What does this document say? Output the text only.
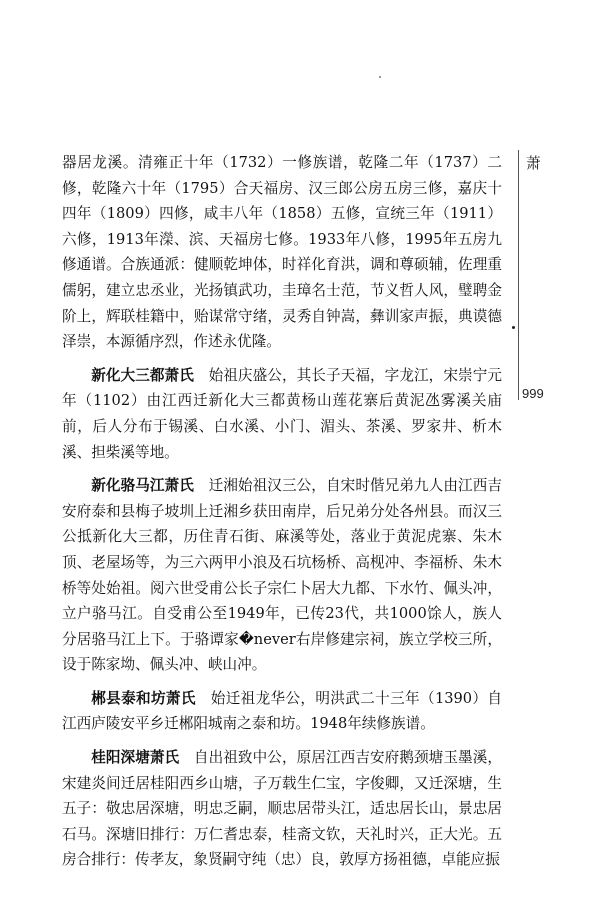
器居龙溪。清雍正十年（1732）一修族谱，乾隆二年（1737）二修，乾隆六十年（1795）合天福房、汉三郎公房五房三修，嘉庆十四年（1809）四修，咸丰八年（1858）五修，宣统三年（1911）六修，1913年濚、滨、天福房七修。1933年八修，1995年五房九修通谱。合族通派：健顺乾坤体，时祥化育洪，调和尊硕辅，佐理重儒躬，建立忠丞业，光扬镇武功，圭璋名士范，节义哲人风，璧聘金阶上，辉联桂籍中，贻谋常守绪，灵秀自钟嵩，彝训家声振，典谟德泽崇，本源循序烈，作述永优隆。

新化大三都萧氏  始祖庆盛公，其长子天福，字龙江，宋崇宁元年（1102）由江西迁新化大三都黄杨山莲花寨后黄泥氹雾溪关庙前，后人分布于锡溪、白水溪、小门、湄头、茶溪、罗家井、析木溪、担柴溪等地。

新化骆马江萧氏  迁湘始祖汉三公，自宋时偕兄弟九人由江西吉安府泰和县梅子坡圳上迁湘乡获田南岸，后兄弟分处各州县。而汉三公抵新化大三都，历住青石街、麻溪等处，落业于黄泥虎寨、朱木顶、老屋场等，为三六两甲小浪及石坑杨桥、高枧冲、李福桥、朱木桥等处始祖。阅六世受甫公长子宗仁卜居大九都、下水竹、佩头冲，立户骆马江。自受甫公至1949年，已传23代，共1000馀人，族人分居骆马江上下。于骆谭家�never右岸修建宗祠，族立学校三所，设于陈家坳、佩头冲、峡山冲。

郴县泰和坊萧氏  始迁祖龙华公，明洪武二十三年（1390）自江西庐陵安平乡迁郴阳城南之泰和坊。1948年续修族谱。

桂阳深塘萧氏  自出祖致中公，原居江西吉安府鹅颈塘玉墨溪，宋建炎间迁居桂阳西乡山塘，子万载生仁宝，字俊卿，又迁深塘，生五子：敬忠居深塘，明忠乏嗣，顺忠居带头江，适忠居长山，景忠居石马。深塘旧排行：万仁耆忠泰，桂斋文钦，天礼时兴，正大光。五房合排行：传孝友，象贤嗣守纯（忠）良，敦厚方扬祖德，卓能应振

萧
999
